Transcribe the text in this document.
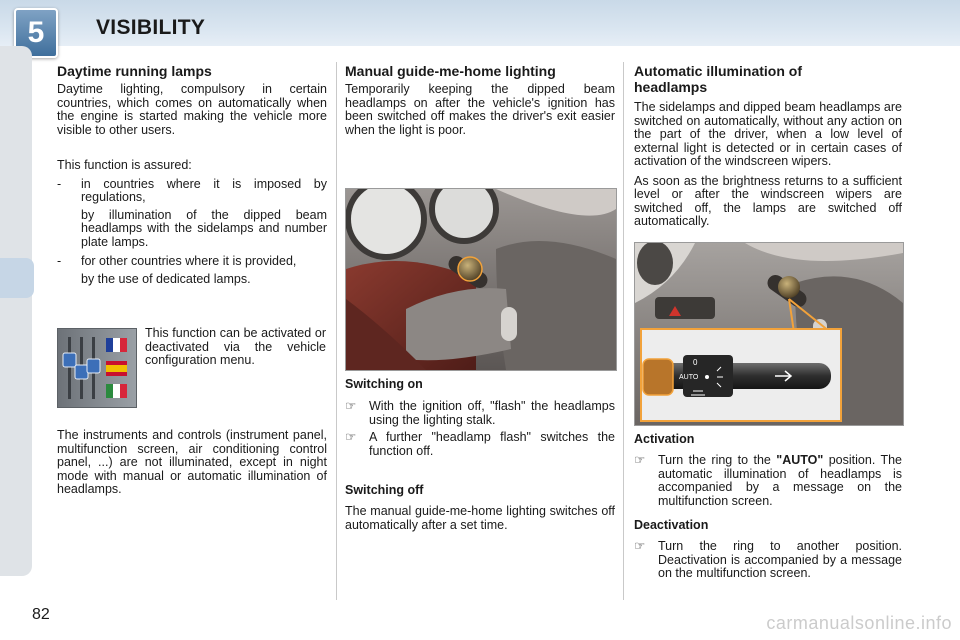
5	VISIBILITY
Daytime running lamps

Daytime lighting, compulsory in certain countries, which comes on automatically when the engine is started making the vehicle more visible to other users.

This function is assured:

-	in countries where it is imposed by regulations,
by illumination of the dipped beam headlamps with the sidelamps and number plate lamps.
-	for other countries where it is provided,
by the use of dedicated lamps.

This function can be activated or deactivated via the vehicle configuration menu.

The instruments and controls (instrument panel, multifunction screen, air conditioning control panel, ...) are not illuminated, except in night mode with manual or automatic illumination of headlamps.

Manual guide-me-home lighting

Temporarily keeping the dipped beam headlamps on after the vehicle's ignition has been switched off makes the driver's exit easier when the light is poor.

Switching on
☞	With the ignition off, "flash" the headlamps using the lighting stalk.
☞	A further "headlamp flash" switches the function off.
Switching off

The manual guide-me-home lighting switches off automatically after a set time.

Automatic illumination of headlamps

The sidelamps and dipped beam headlamps are switched on automatically, without any action on the part of the driver, when a low level of external light is detected or in certain cases of activation of the windscreen wipers.

As soon as the brightness returns to a sufficient level or after the windscreen wipers are switched off, the lamps are switched off automatically.

0
AUTO
Activation
☞	Turn the ring to the "AUTO" position. The automatic illumination of headlamps is accompanied by a message on the multifunction screen.
Deactivation
☞	Turn the ring to another position. Deactivation is accompanied by a message on the multifunction screen.
82	carmanualsonline.info
